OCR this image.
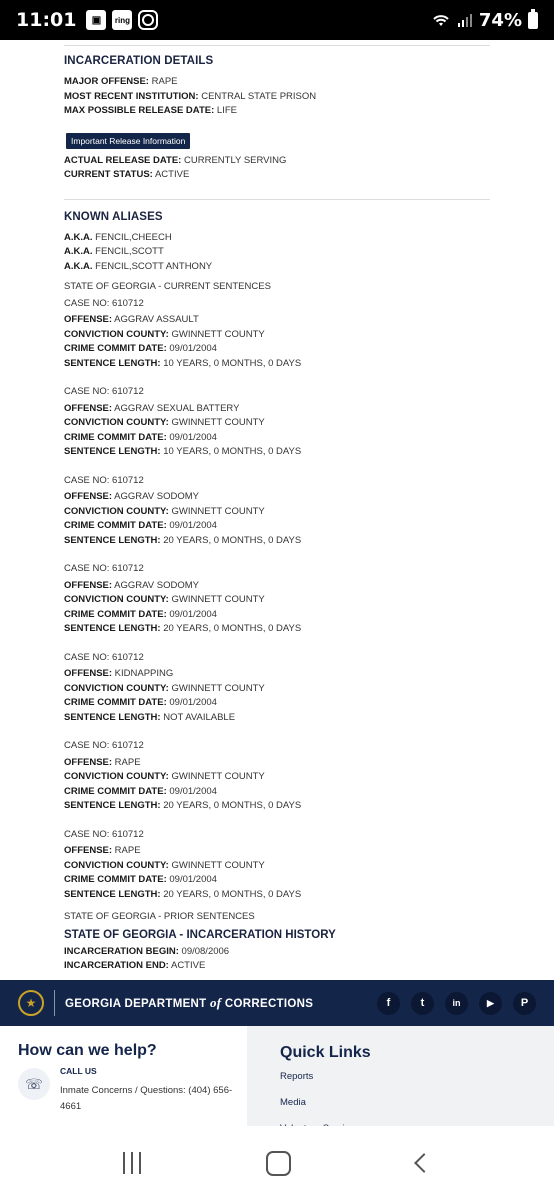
11:01	▣	ring	74%
INCARCERATION DETAILS
MAJOR OFFENSE: RAPE
MOST RECENT INSTITUTION: CENTRAL STATE PRISON
MAX POSSIBLE RELEASE DATE: LIFE
Important Release Information
ACTUAL RELEASE DATE: CURRENTLY SERVING
CURRENT STATUS: ACTIVE
KNOWN ALIASES
A.K.A. FENCIL,CHEECH
A.K.A. FENCIL,SCOTT
A.K.A. FENCIL,SCOTT ANTHONY
STATE OF GEORGIA - CURRENT SENTENCES
CASE NO: 610712
OFFENSE: AGGRAV ASSAULT
CONVICTION COUNTY: GWINNETT COUNTY
CRIME COMMIT DATE: 09/01/2004
SENTENCE LENGTH: 10 YEARS, 0 MONTHS, 0 DAYS
CASE NO: 610712
OFFENSE: AGGRAV SEXUAL BATTERY
CONVICTION COUNTY: GWINNETT COUNTY
CRIME COMMIT DATE: 09/01/2004
SENTENCE LENGTH: 10 YEARS, 0 MONTHS, 0 DAYS
CASE NO: 610712
OFFENSE: AGGRAV SODOMY
CONVICTION COUNTY: GWINNETT COUNTY
CRIME COMMIT DATE: 09/01/2004
SENTENCE LENGTH: 20 YEARS, 0 MONTHS, 0 DAYS
CASE NO: 610712
OFFENSE: AGGRAV SODOMY
CONVICTION COUNTY: GWINNETT COUNTY
CRIME COMMIT DATE: 09/01/2004
SENTENCE LENGTH: 20 YEARS, 0 MONTHS, 0 DAYS
CASE NO: 610712
OFFENSE: KIDNAPPING
CONVICTION COUNTY: GWINNETT COUNTY
CRIME COMMIT DATE: 09/01/2004
SENTENCE LENGTH: NOT AVAILABLE
CASE NO: 610712
OFFENSE: RAPE
CONVICTION COUNTY: GWINNETT COUNTY
CRIME COMMIT DATE: 09/01/2004
SENTENCE LENGTH: 20 YEARS, 0 MONTHS, 0 DAYS
CASE NO: 610712
OFFENSE: RAPE
CONVICTION COUNTY: GWINNETT COUNTY
CRIME COMMIT DATE: 09/01/2004
SENTENCE LENGTH: 20 YEARS, 0 MONTHS, 0 DAYS
STATE OF GEORGIA - PRIOR SENTENCES
STATE OF GEORGIA - INCARCERATION HISTORY
INCARCERATION BEGIN: 09/08/2006
INCARCERATION END: ACTIVE
★	GEORGIA DEPARTMENT of CORRECTIONS	f	t	in	▶	P
How can we help?
☏
CALL US
Inmate Concerns / Questions: (404) 656-4661
Quick Links
Reports
Media
